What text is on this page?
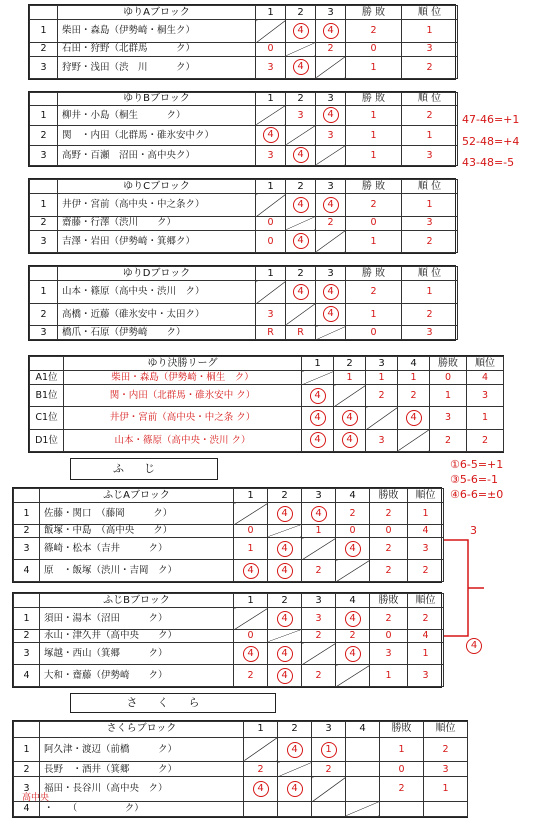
	ゆりAブロック	1	2	3	勝 敗	順 位
1	柴田・森島（伊勢崎・桐生ク）		4	4	2	1
2	石田・狩野（北群馬　　　ク）	0		2	0	3
3	狩野・浅田（渋　川　　　ク）	3	4		1	2
	ゆりBブロック	1	2	3	勝 敗	順 位
1	柳井・小島（桐生　　　ク）		3	4	1	2
2	関　・内田（北群馬・碓氷安中ク）	4		3	1	1
3	高野・百瀬　沼田・高中央ク）	3	4		1	3
47-46=+1
52-48=+4
43-48=-5
	ゆりCブロック	1	2	3	勝 敗	順 位
1	井伊・宮前（高中央・中之条ク）		4	4	2	1
2	齋藤・行澤（渋川　　ク）	0		2	0	3
3	吉澤・岩田（伊勢崎・箕郷ク）	0	4		1	2
	ゆりDブロック	1	2	3	勝 敗	順 位
1	山本・篠原（高中央・渋川　ク）		4	4	2	1
2	高橋・近藤（碓氷安中・太田ク）	3		4	1	2
3	橋爪・石原（伊勢崎　　ク）	R	R		0	3
	ゆり決勝リーグ	1	2	3	4	勝敗	順位
A1位	柴田・森島（伊勢崎・桐生　ク）		1	1	1	0	4
B1位	関・内田（北群馬・碓氷安中 ク）	4		2	2	1	3
C1位	井伊・宮前（高中央・中之条 ク）	4	4		4	3	1
D1位	山本・篠原（高中央・渋川 ク）	4	4	3		2	2
①6-5=+1
③5-6=-1
④6-6=±0
ふじ
	ふじAブロック	1	2	3	4	勝敗	順位
1	佐藤・関口　（藤岡　　　ク）		4	4	2	2	1
2	飯塚・中島　（高中央　　ク）	0		1	0	0	4
3	篠崎・松本（吉井　　　ク）	1	4		4	2	3
4	原　・飯塚（渋川・吉岡　ク）	4	4	2		2	2
3
4
	ふじBブロック	1	2	3	4	勝敗	順位
1	須田・湯本（沼田　　　ク）		4	3	4	2	2
2	永山・津久井（高中央　　ク）	0		2	2	0	4
3	塚越・西山（箕郷　　　ク）	4	4		4	3	1
4	大和・齋藤（伊勢崎　　ク）	2	4	2		1	3
さくら
	さくらブロック	1	2	3	4	勝敗	順位
1	阿久津・渡辺（前橋　　　ク）		4	1		1	2
2	長野　・酒井（箕郷　　　ク）	2		2		0	3
3	福田・長谷川（高中央　ク）	4	4			2	1
4	・　　（　　　　　ク）						
高中央
